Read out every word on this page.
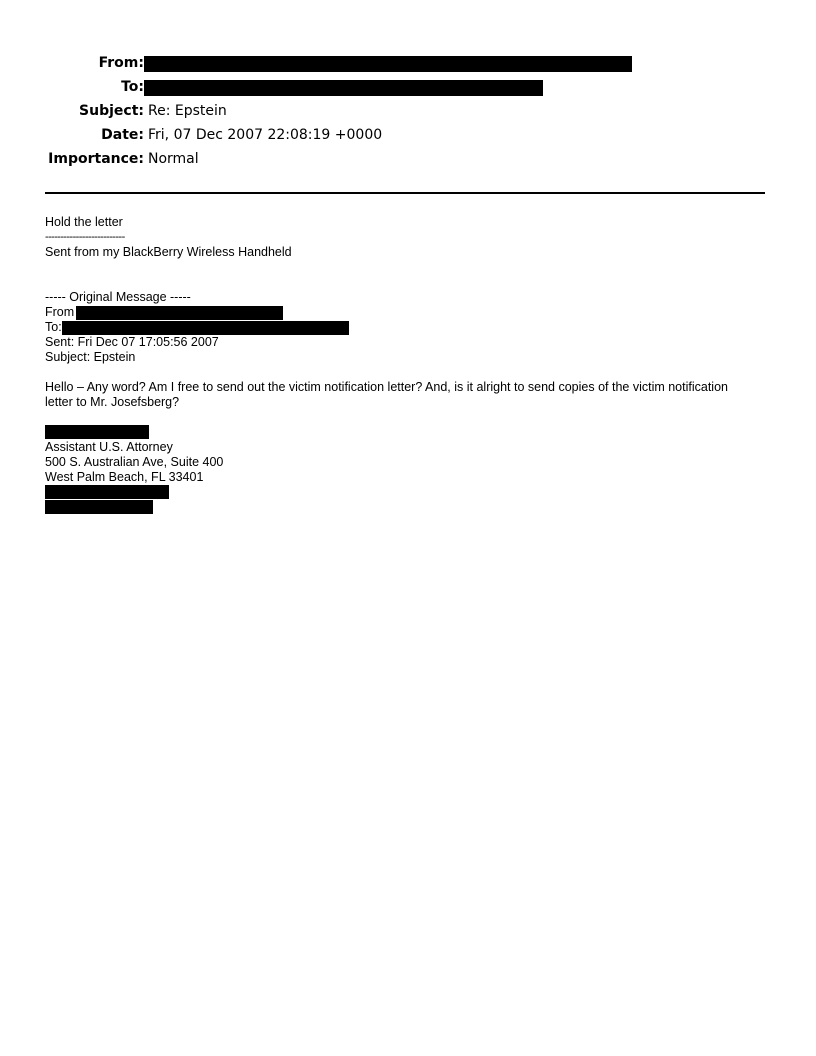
From:
To:
Subject: Re: Epstein
Date: Fri, 07 Dec 2007 22:08:19 +0000
Importance: Normal
Hold the letter
--------------------------
Sent from my BlackBerry Wireless Handheld
----- Original Message -----
From
To:
Sent: Fri Dec 07 17:05:56 2007
Subject: Epstein
Hello – Any word? Am I free to send out the victim notification letter? And, is it alright to send copies of the victim notification letter to Mr. Josefsberg?
Assistant U.S. Attorney
500 S. Australian Ave, Suite 400
West Palm Beach, FL 33401
